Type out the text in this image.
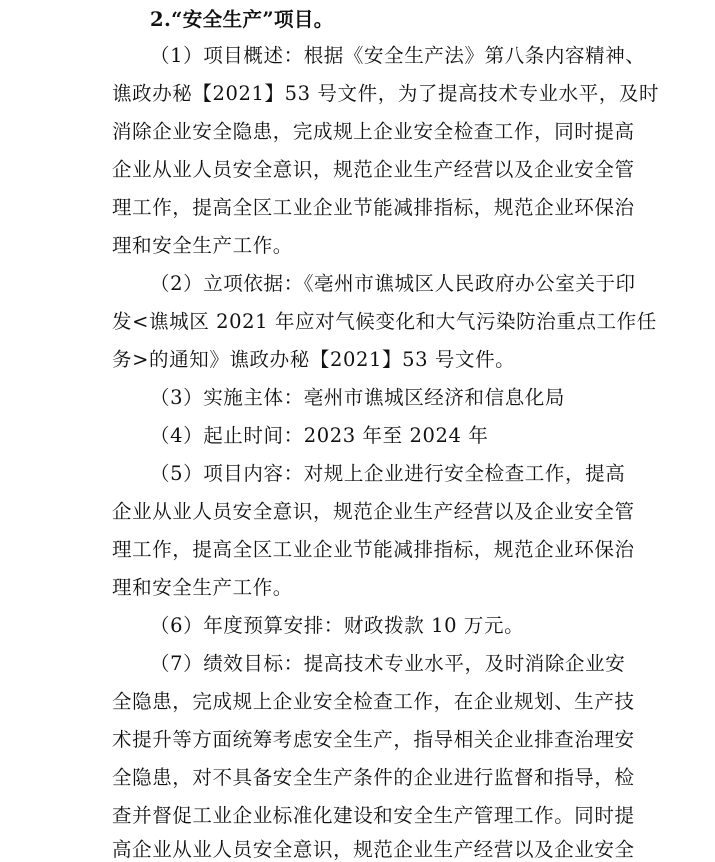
2.“安全生产”项目。
（1）项目概述：根据《安全生产法》第八条内容精神、
谯政办秘【2021】53 号文件，为了提高技术专业水平，及时
消除企业安全隐患，完成规上企业安全检查工作，同时提高
企业从业人员安全意识，规范企业生产经营以及企业安全管
理工作，提高全区工业企业节能减排指标，规范企业环保治
理和安全生产工作。
（2）立项依据：《亳州市谯城区人民政府办公室关于印
发<谯城区 2021 年应对气候变化和大气污染防治重点工作任
务>的通知》谯政办秘【2021】53 号文件。
（3）实施主体：亳州市谯城区经济和信息化局
（4）起止时间：2023 年至 2024 年
（5）项目内容：对规上企业进行安全检查工作，提高
企业从业人员安全意识，规范企业生产经营以及企业安全管
理工作，提高全区工业企业节能减排指标，规范企业环保治
理和安全生产工作。
（6）年度预算安排：财政拨款 10 万元。
（7）绩效目标：提高技术专业水平，及时消除企业安
全隐患，完成规上企业安全检查工作，在企业规划、生产技
术提升等方面统筹考虑安全生产，指导相关企业排查治理安
全隐患，对不具备安全生产条件的企业进行监督和指导，检
查并督促工业企业标准化建设和安全生产管理工作。同时提
高企业从业人员安全意识，规范企业生产经营以及企业安全
